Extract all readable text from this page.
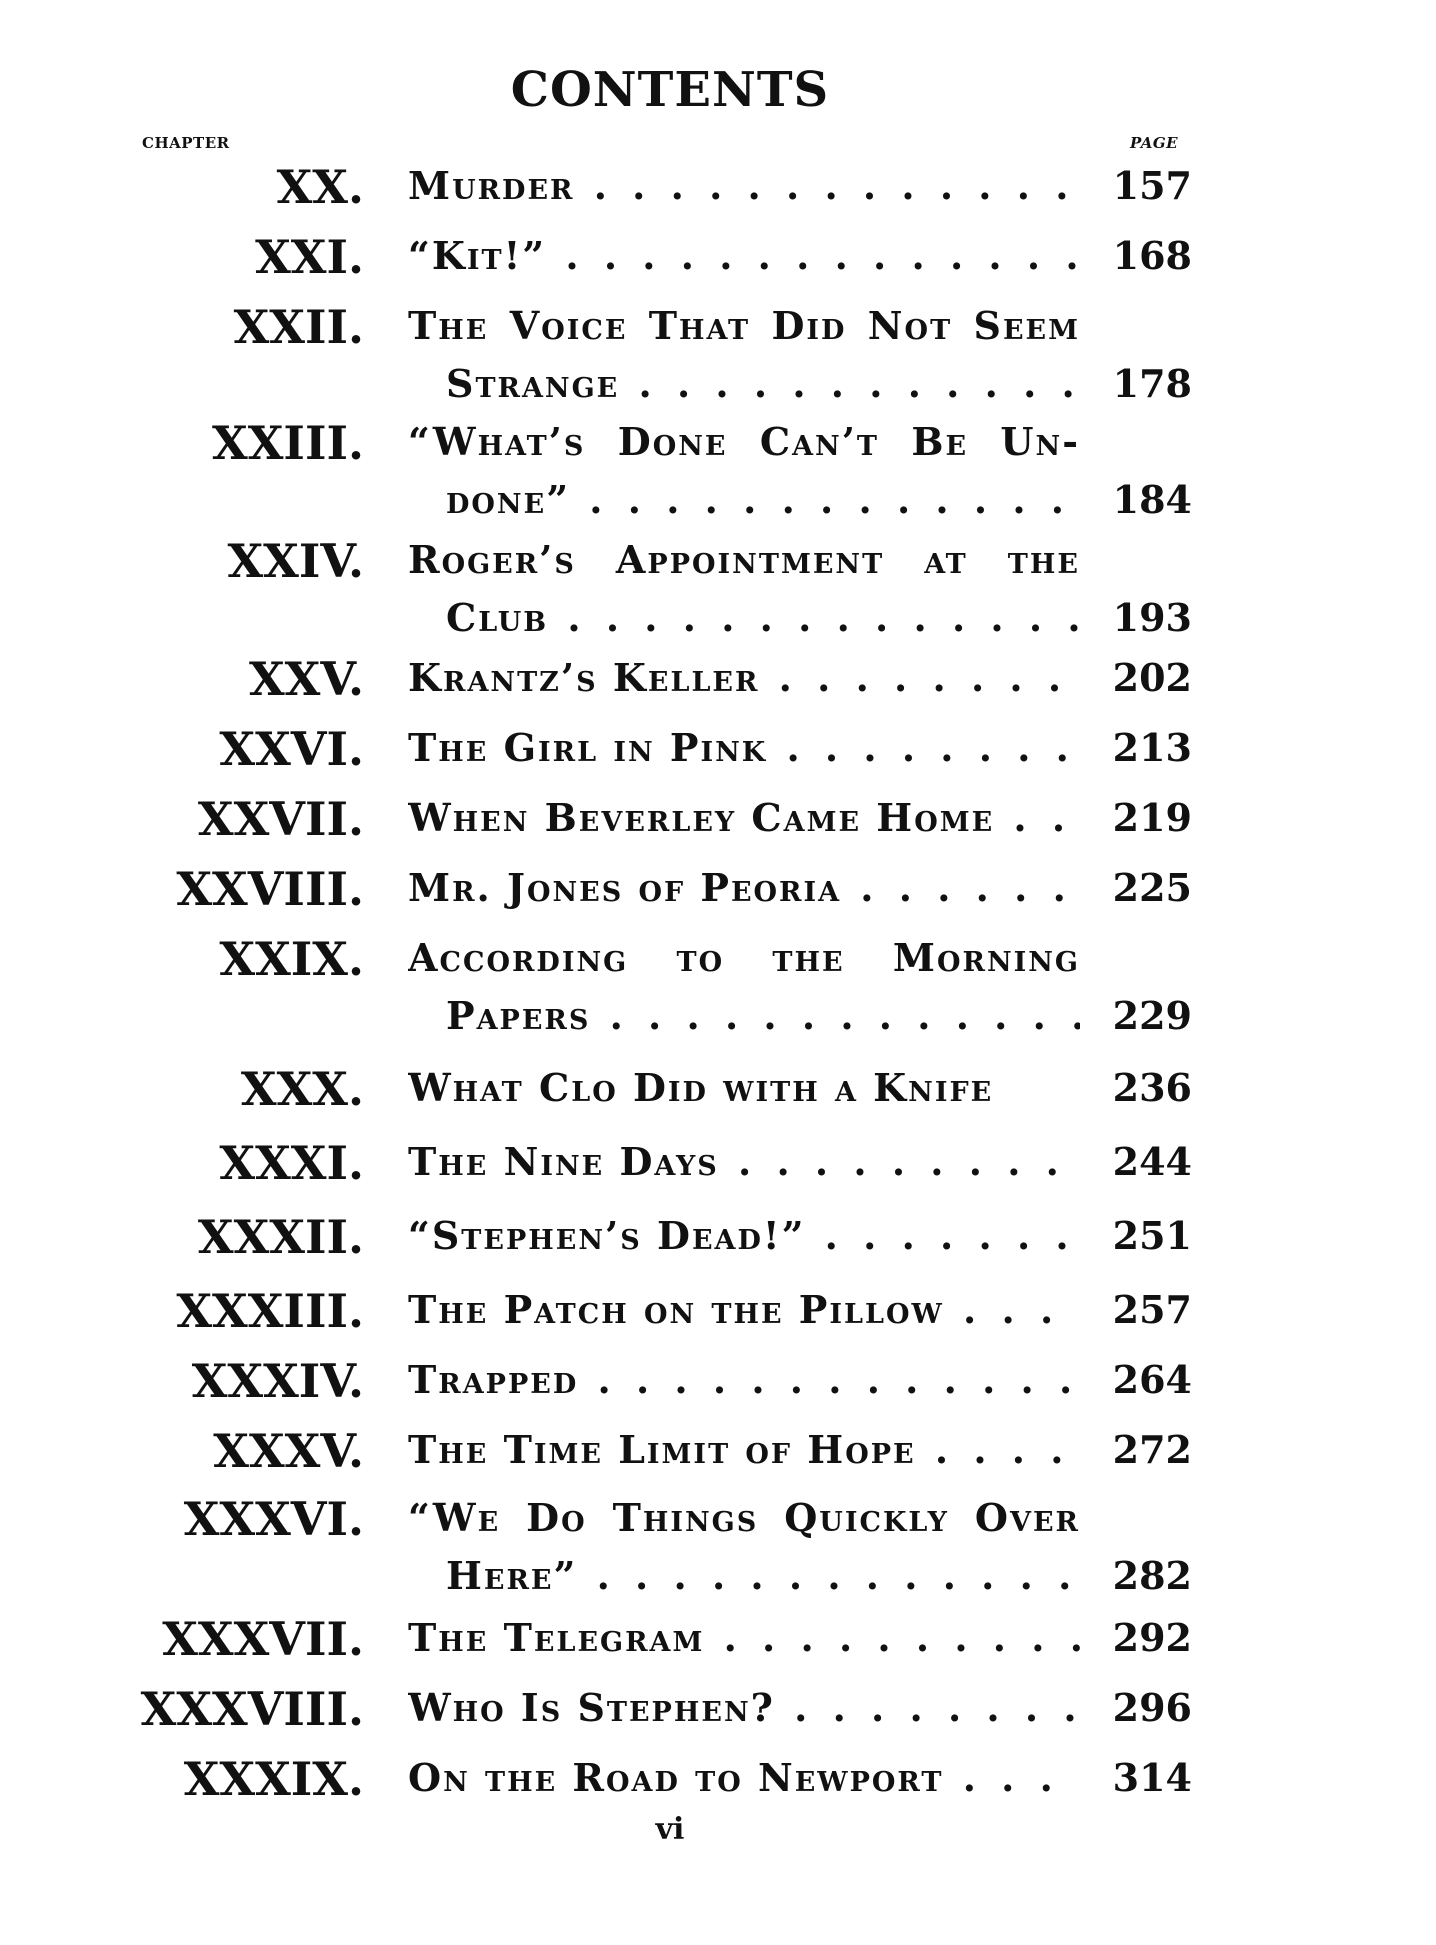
CONTENTS
CHAPTER	PAGE
XX. Murder . .	157
XXI. “Kit!” . .	168
XXII. The Voice That Did Not Seem
Strange . .	178
XXIII. “What’s Done Can’t Be Un-
done” . .	184
XXIV. Roger’s Appointment at the
Club . .	193
XXV. Krantz’s Keller . .	202
XXVI. The Girl in Pink . .	213
XXVII. When Beverley Came Home . .	219
XXVIII. Mr. Jones of Peoria . .	225
XXIX. According to the Morning
Papers . .	229
XXX. What Clo Did with a Knife	236
XXXI. The Nine Days . .	244
XXXII. “Stephen’s Dead!” . .	251
XXXIII. The Patch on the Pillow . .	257
XXXIV. Trapped . .	264
XXXV. The Time Limit of Hope . .	272
XXXVI. “We Do Things Quickly Over
Here” . .	282
XXXVII. The Telegram . .	292
XXXVIII. Who Is Stephen? . .	296
XXXIX. On the Road to Newport . .	314
vi
